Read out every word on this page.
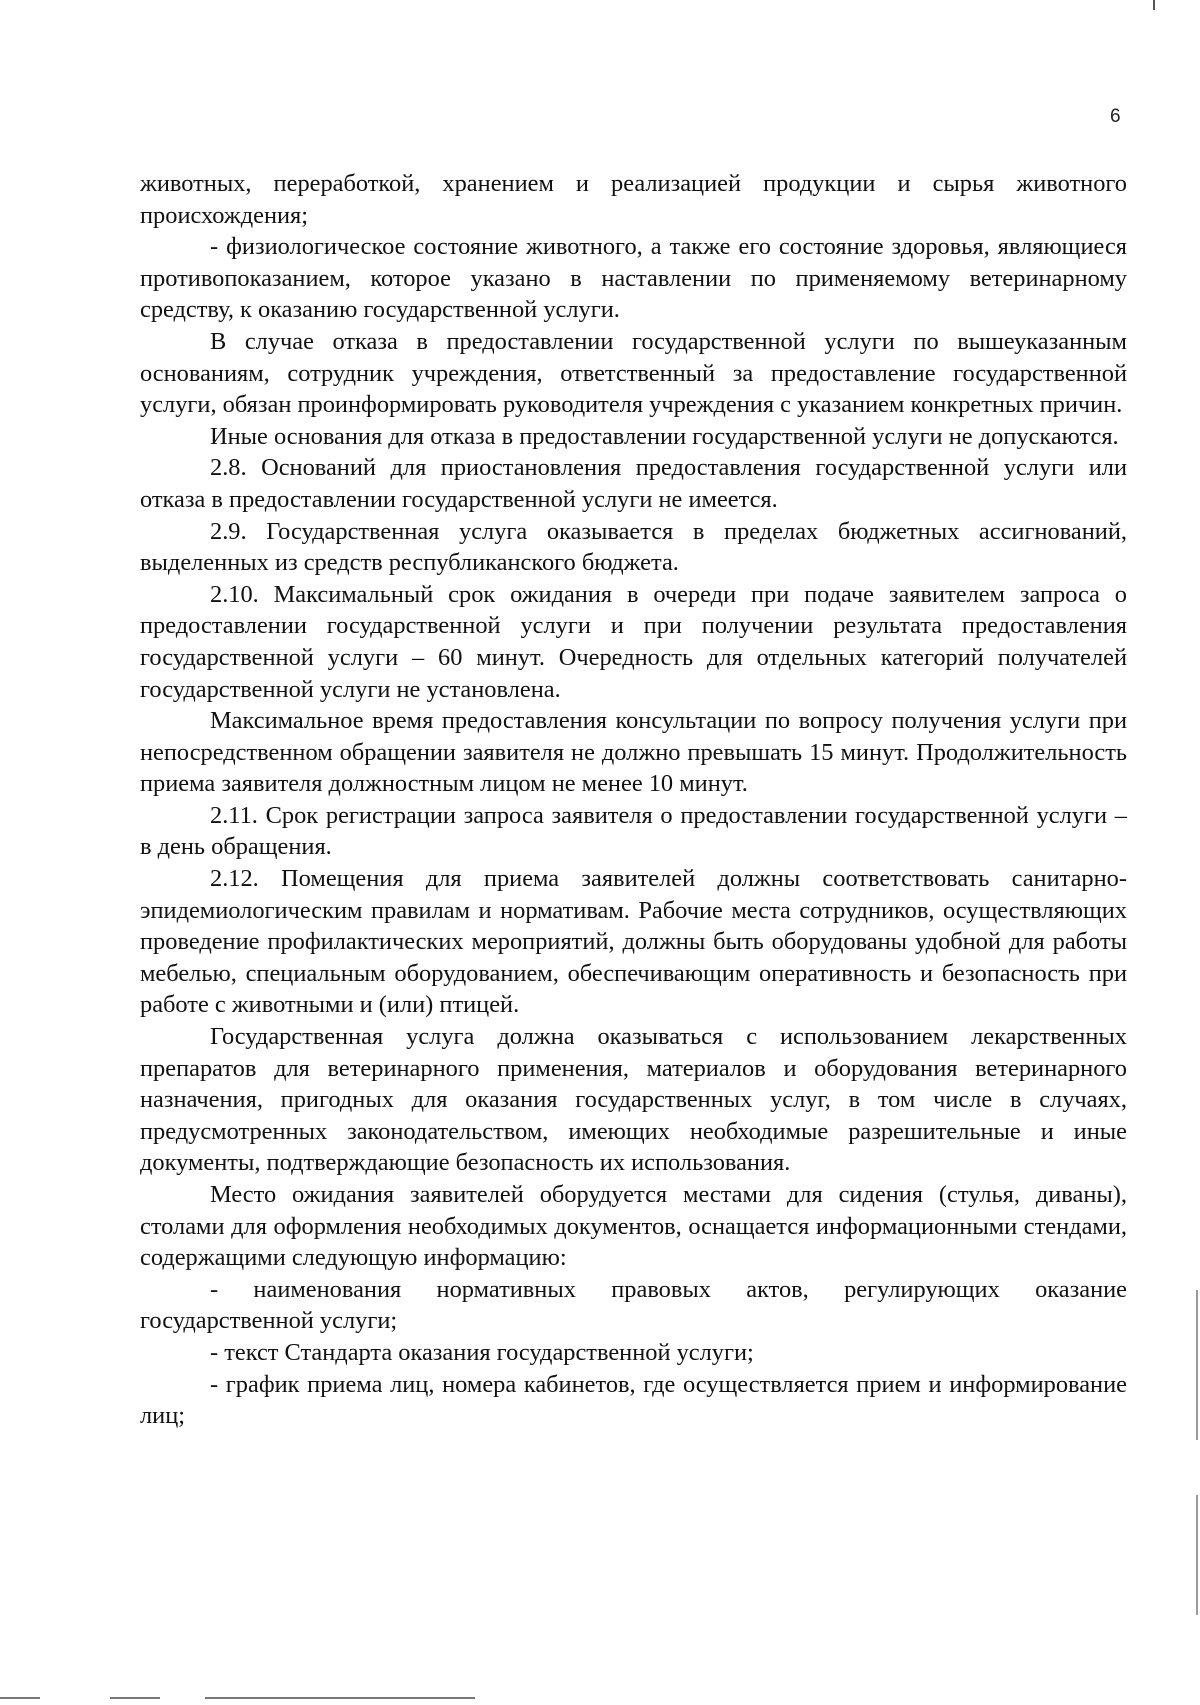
6

животных, переработкой, хранением и реализацией продукции и сырья животного происхождения;

- физиологическое состояние животного, а также его состояние здоровья, являющиеся противопоказанием, которое указано в наставлении по применяемому ветеринарному средству, к оказанию государственной услуги.

В случае отказа в предоставлении государственной услуги по вышеуказанным основаниям, сотрудник учреждения, ответственный за предоставление государственной услуги, обязан проинформировать руководителя учреждения с указанием конкретных причин.

Иные основания для отказа в предоставлении государственной услуги не допускаются.

2.8. Оснований для приостановления предоставления государственной услуги или отказа в предоставлении государственной услуги не имеется.

2.9. Государственная услуга оказывается в пределах бюджетных ассигнований, выделенных из средств республиканского бюджета.

2.10. Максимальный срок ожидания в очереди при подаче заявителем запроса о предоставлении государственной услуги и при получении результата предоставления государственной услуги – 60 минут. Очередность для отдельных категорий получателей государственной услуги не установлена.

Максимальное время предоставления консультации по вопросу получения услуги при непосредственном обращении заявителя не должно превышать 15 минут. Продолжительность приема заявителя должностным лицом не менее 10 минут.

2.11. Срок регистрации запроса заявителя о предоставлении государственной услуги – в день обращения.

2.12. Помещения для приема заявителей должны соответствовать санитарно-эпидемиологическим правилам и нормативам. Рабочие места сотрудников, осуществляющих проведение профилактических мероприятий, должны быть оборудованы удобной для работы мебелью, специальным оборудованием, обеспечивающим оперативность и безопасность при работе с животными и (или) птицей.

Государственная услуга должна оказываться с использованием лекарственных препаратов для ветеринарного применения, материалов и оборудования ветеринарного назначения, пригодных для оказания государственных услуг, в том числе в случаях, предусмотренных законодательством, имеющих необходимые разрешительные и иные документы, подтверждающие безопасность их использования.

Место ожидания заявителей оборудуется местами для сидения (стулья, диваны), столами для оформления необходимых документов, оснащается информационными стендами, содержащими следующую информацию:

- наименования нормативных правовых актов, регулирующих оказание государственной услуги;

- текст Стандарта оказания государственной услуги;

- график приема лиц, номера кабинетов, где осуществляется прием и информирование лиц;
